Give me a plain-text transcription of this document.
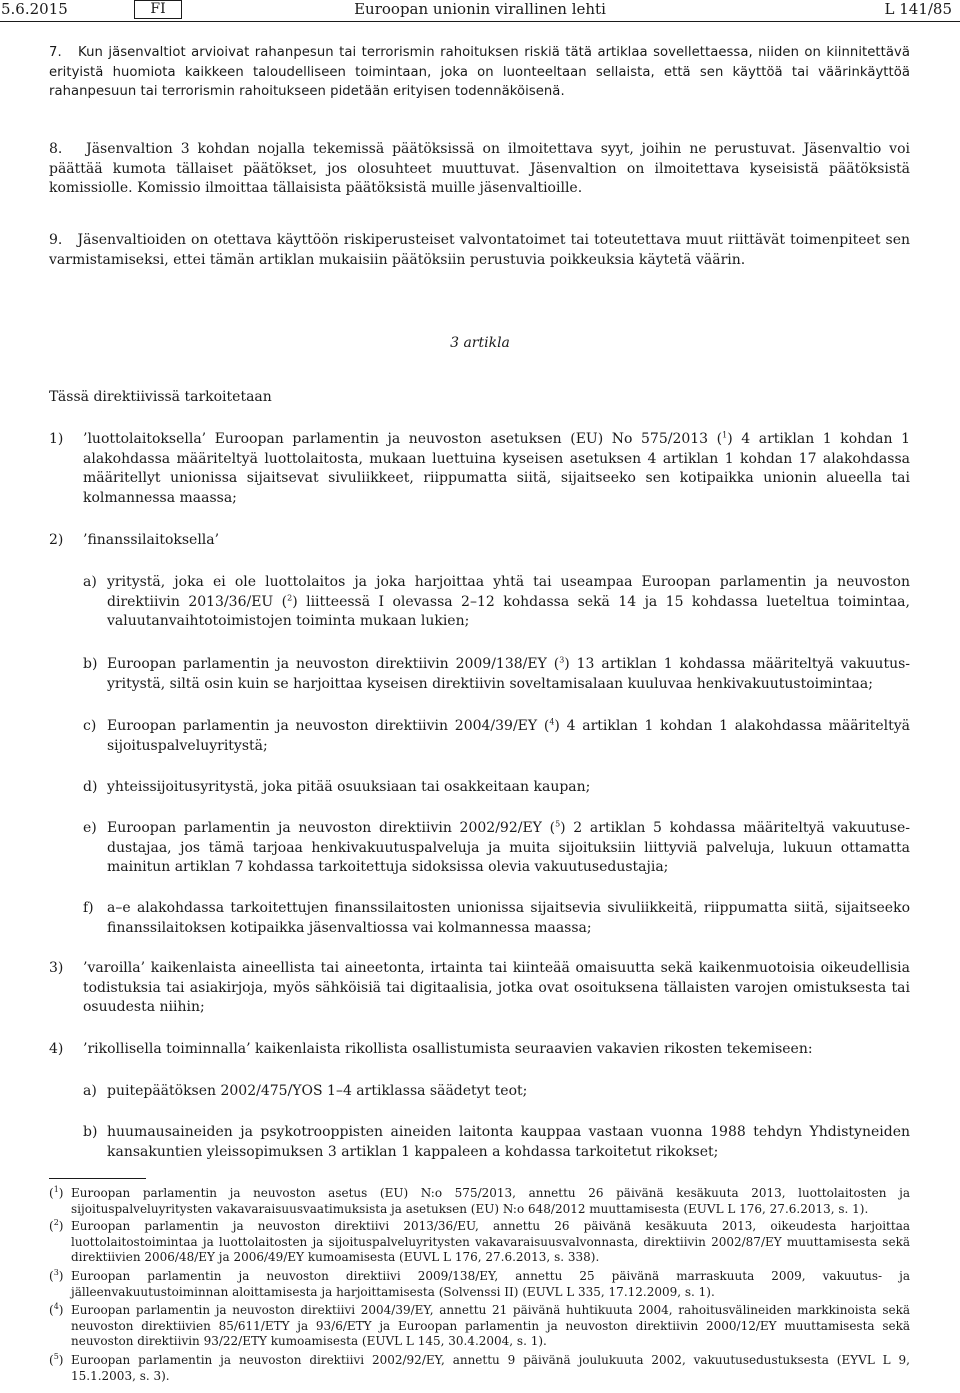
5.6.2015	FI	Euroopan unionin virallinen lehti	L 141/85
7. Kun jäsenvaltiot arvioivat rahanpesun tai terrorismin rahoituksen riskiä tätä artiklaa sovellettaessa, niiden on kiinnitettävä erityistä huomiota kaikkeen taloudelliseen toimintaan, joka on luonteeltaan sellaista, että sen käyttöä tai väärinkäyttöä rahanpesuun tai terrorismin rahoitukseen pidetään erityisen todennäköisenä.
8. Jäsenvaltion 3 kohdan nojalla tekemissä päätöksissä on ilmoitettava syyt, joihin ne perustuvat. Jäsenvaltio voi päättää kumota tällaiset päätökset, jos olosuhteet muuttuvat. Jäsenvaltion on ilmoitettava kyseisistä päätöksistä komissiolle. Komissio ilmoittaa tällaisista päätöksistä muille jäsenvaltioille.
9. Jäsenvaltioiden on otettava käyttöön riskiperusteiset valvontatoimet tai toteutettava muut riittävät toimenpiteet sen varmistamiseksi, ettei tämän artiklan mukaisiin päätöksiin perustuvia poikkeuksia käytetä väärin.
3 artikla
Tässä direktiivissä tarkoitetaan
1) ’luottolaitoksella’ Euroopan parlamentin ja neuvoston asetuksen (EU) No 575/2013 ($^1$) 4 artiklan 1 kohdan 1 alakohdassa määriteltyä luottolaitosta, mukaan luettuina kyseisen asetuksen 4 artiklan 1 kohdan 17 alakohdassa määritellyt unionissa sijaitsevat sivuliikkeet, riippumatta siitä, sijaitseeko sen kotipaikka unionin alueella tai kolmannessa maassa;
2) ’finanssilaitoksella’
a) yritystä, joka ei ole luottolaitos ja joka harjoittaa yhtä tai useampaa Euroopan parlamentin ja neuvoston direktiivin 2013/36/EU ($^2$) liitteessä I olevassa 2–12 kohdassa sekä 14 ja 15 kohdassa lueteltua toimintaa, valuutanvaihtotoimistojen toiminta mukaan lukien;
b) Euroopan parlamentin ja neuvoston direktiivin 2009/138/EY ($^3$) 13 artiklan 1 kohdassa määriteltyä vakuutus-yritystä, siltä osin kuin se harjoittaa kyseisen direktiivin soveltamisalaan kuuluvaa henkivakuutustoimintaa;
c) Euroopan parlamentin ja neuvoston direktiivin 2004/39/EY ($^4$) 4 artiklan 1 kohdan 1 alakohdassa määriteltyä sijoituspalveluyritystä;
d) yhteissijoitusyritystä, joka pitää osuuksiaan tai osakkeitaan kaupan;
e) Euroopan parlamentin ja neuvoston direktiivin 2002/92/EY ($^5$) 2 artiklan 5 kohdassa määriteltyä vakuutuse-dustajaa, jos tämä tarjoaa henkivakuutuspalveluja ja muita sijoituksiin liittyviä palveluja, lukuun ottamatta mainitun artiklan 7 kohdassa tarkoitettuja sidoksissa olevia vakuutusedustajia;
f) a–e alakohdassa tarkoitettujen finanssilaitosten unionissa sijaitsevia sivuliikkeitä, riippumatta siitä, sijaitseeko finanssilaitoksen kotipaikka jäsenvaltiossa vai kolmannessa maassa;
3) ’varoilla’ kaikenlaista aineellista tai aineetonta, irtainta tai kiinteää omaisuutta sekä kaikenmuotoisia oikeudellisia todistuksia tai asiakirjoja, myös sähköisiä tai digitaalisia, jotka ovat osoituksena tällaisten varojen omistuksesta tai osuudesta niihin;
4) ’rikollisella toiminnalla’ kaikenlaista rikollista osallistumista seuraavien vakavien rikosten tekemiseen:
a) puitepäätöksen 2002/475/YOS 1–4 artiklassa säädetyt teot;
b) huumausaineiden ja psykotrooppisten aineiden laitonta kauppaa vastaan vuonna 1988 tehdyn Yhdistyneiden kansakuntien yleissopimuksen 3 artiklan 1 kappaleen a kohdassa tarkoitetut rikokset;
($^1$) Euroopan parlamentin ja neuvoston asetus (EU) N:o 575/2013, annettu 26 päivänä kesäkuuta 2013, luottolaitosten ja sijoituspalveluyritysten vakavaraisuusvaatimuksista ja asetuksen (EU) N:o 648/2012 muuttamisesta (EUVL L 176, 27.6.2013, s. 1).
($^2$) Euroopan parlamentin ja neuvoston direktiivi 2013/36/EU, annettu 26 päivänä kesäkuuta 2013, oikeudesta harjoittaa luottolaitostoimintaa ja luottolaitosten ja sijoituspalveluyritysten vakavaraisuusvalvonnasta, direktiivin 2002/87/EY muuttamisesta sekä direktiivien 2006/48/EY ja 2006/49/EY kumoamisesta (EUVL L 176, 27.6.2013, s. 338).
($^3$) Euroopan parlamentin ja neuvoston direktiivi 2009/138/EY, annettu 25 päivänä marraskuuta 2009, vakuutus- ja jälleenvakuutustoiminnan aloittamisesta ja harjoittamisesta (Solvenssi II) (EUVL L 335, 17.12.2009, s. 1).
($^4$) Euroopan parlamentin ja neuvoston direktiivi 2004/39/EY, annettu 21 päivänä huhtikuuta 2004, rahoitusvälineiden markkinoista sekä neuvoston direktiivien 85/611/ETY ja 93/6/ETY ja Euroopan parlamentin ja neuvoston direktiivin 2000/12/EY muuttamisesta sekä neuvoston direktiivin 93/22/ETY kumoamisesta (EUVL L 145, 30.4.2004, s. 1).
($^5$) Euroopan parlamentin ja neuvoston direktiivi 2002/92/EY, annettu 9 päivänä joulukuuta 2002, vakuutusedustuksesta (EYVL L 9, 15.1.2003, s. 3).
